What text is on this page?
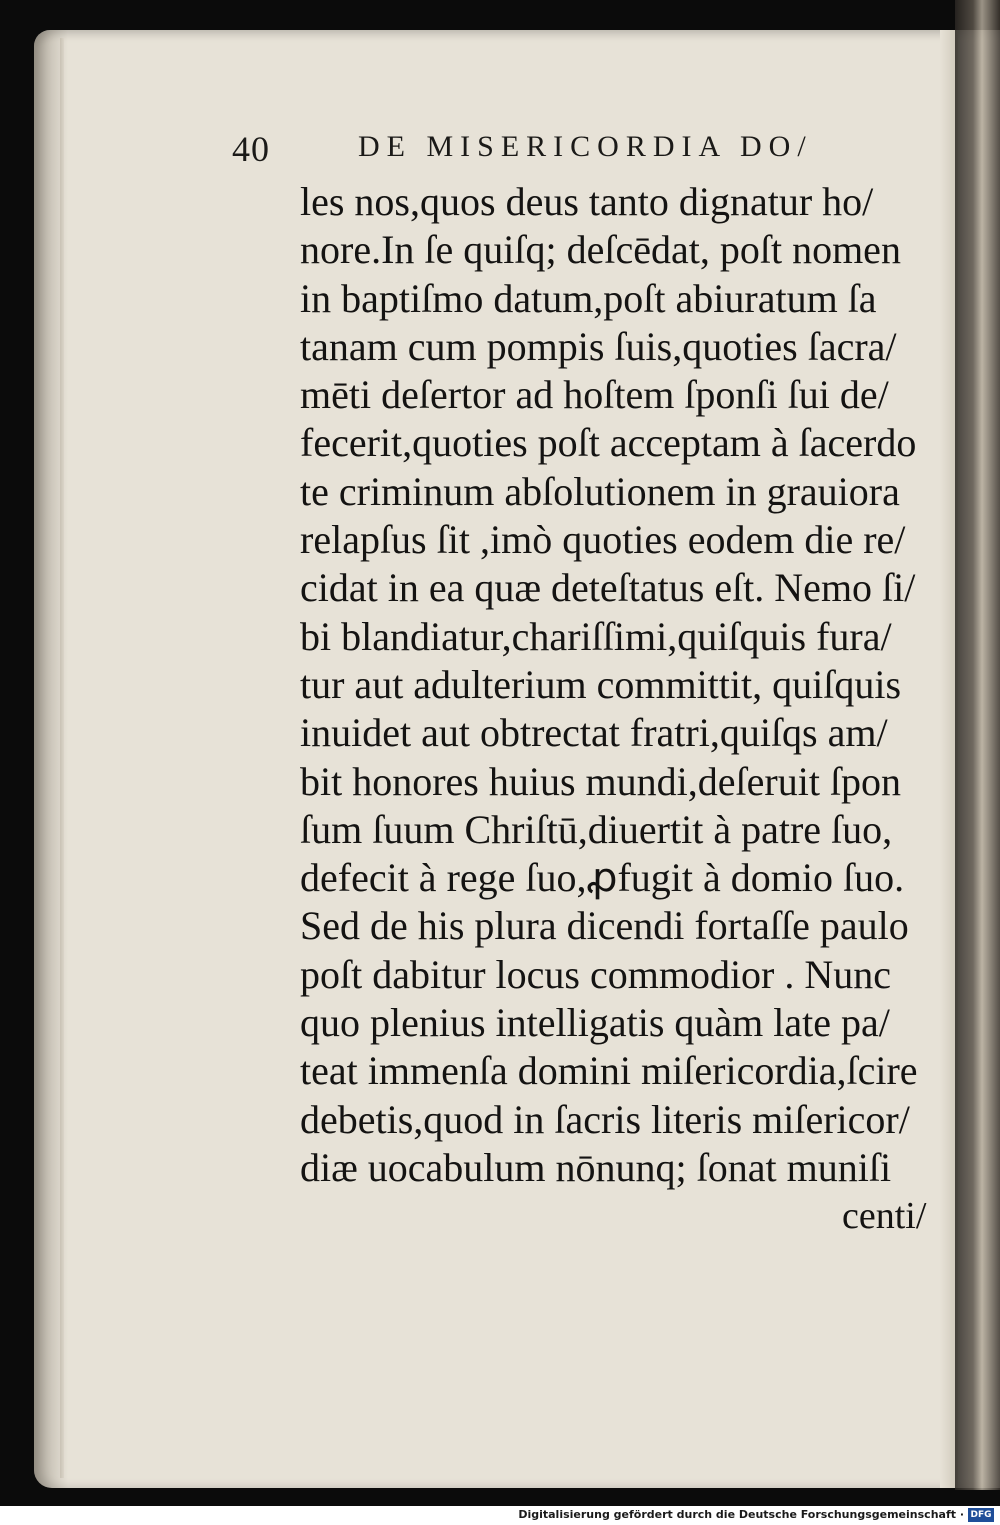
40	DE MISERICORDIA DO/
les nos,quos deus tanto dignatur ho/
nore.In ſe quiſq; deſcēdat, poſt nomen
in baptiſmo datum,poſt abiuratum ſa
tanam cum pompis ſuis,quoties ſacra/
mēti deſertor ad hoſtem ſponſi ſui de/
fecerit,quoties poſt acceptam à ſacerdo
te criminum abſolutionem in grauiora
relapſus ſit ,imò quoties eodem die re/
cidat in ea quæ deteſtatus eſt. Nemo ſi/
bi blandiatur,chariſſimi,quiſquis fura/
tur aut adulterium committit, quiſquis
inuidet aut obtrectat fratri,quiſqs am/
bit honores huius mundi,deſeruit ſpon
ſum ſuum Chriſtū,diuertit à patre ſuo,
defecit à rege ſuo,ꝓfugit à domio ſuo.
Sed de his plura dicendi fortaſſe paulo
poſt dabitur locus commodior . Nunc
quo plenius intelligatis quàm late pa/
teat immenſa domini miſericordia,ſcire
debetis,quod in ſacris literis miſericor/
diæ uocabulum nōnunq; ſonat muniſi
centi/
Digitalisierung gefördert durch die Deutsche Forschungsgemeinschaft · DFG
